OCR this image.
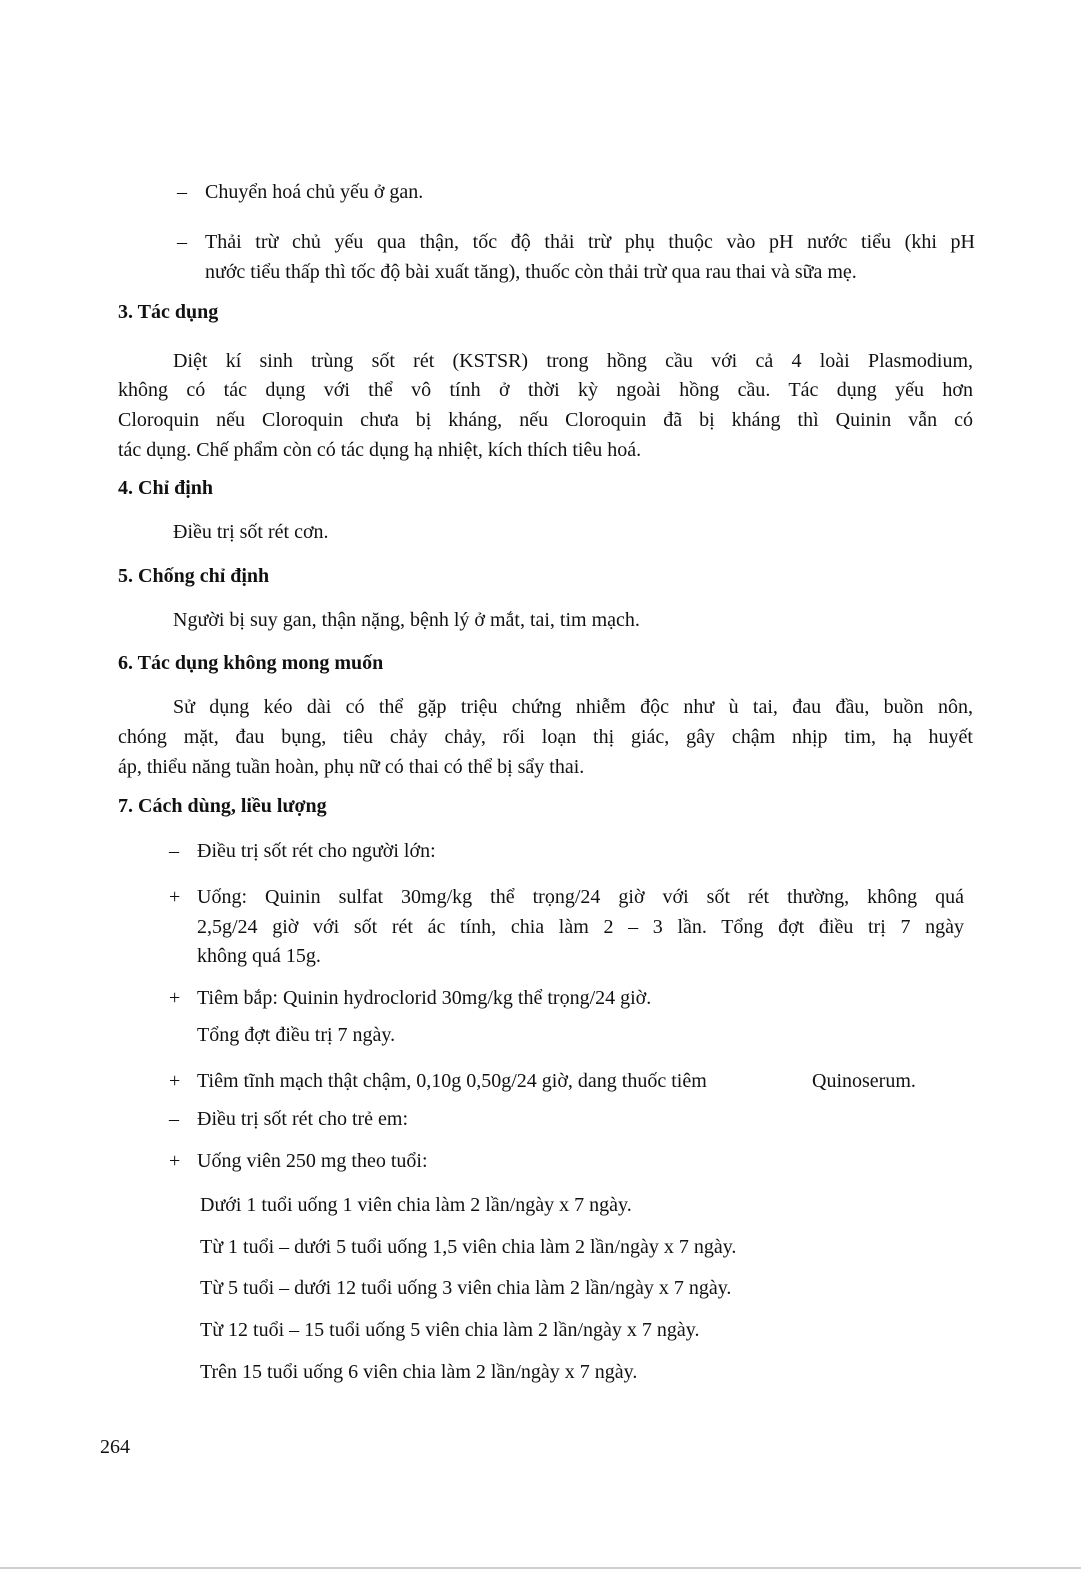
– Chuyển hoá chủ yếu ở gan.
– Thải trừ chủ yếu qua thận, tốc độ thải trừ phụ thuộc vào pH nước tiểu (khi pH
nước tiểu thấp thì tốc độ bài xuất tăng), thuốc còn thải trừ qua rau thai và sữa mẹ.
3. Tác dụng
Diệt kí sinh trùng sốt rét (KSTSR) trong hồng cầu với cả 4 loài Plasmodium,
không có tác dụng với thể vô tính ở thời kỳ ngoài hồng cầu. Tác dụng yếu hơn
Cloroquin nếu Cloroquin chưa bị kháng, nếu Cloroquin đã bị kháng thì Quinin vẫn có
tác dụng. Chế phẩm còn có tác dụng hạ nhiệt, kích thích tiêu hoá.
4. Chỉ định
Điều trị sốt rét cơn.
5. Chống chỉ định
Người bị suy gan, thận nặng, bệnh lý ở mắt, tai, tim mạch.
6. Tác dụng không mong muốn
Sử dụng kéo dài có thể gặp triệu chứng nhiễm độc như ù tai, đau đầu, buồn nôn,
chóng mặt, đau bụng, tiêu chảy chảy, rối loạn thị giác, gây chậm nhịp tim, hạ huyết
áp, thiểu năng tuần hoàn, phụ nữ có thai có thể bị sẩy thai.
7. Cách dùng, liều lượng
– Điều trị sốt rét cho người lớn:
+ Uống: Quinin sulfat 30mg/kg thể trọng/24 giờ với sốt rét thường, không quá
2,5g/24 giờ với sốt rét ác tính, chia làm 2 – 3 lần. Tổng đợt điều trị 7 ngày
không quá 15g.
+ Tiêm bắp: Quinin hydroclorid 30mg/kg thể trọng/24 giờ.
Tổng đợt điều trị 7 ngày.
+ Tiêm tĩnh mạch thật chậm, 0,10g 0,50g/24 giờ, dang thuốc tiêm	Quinoserum.
– Điều trị sốt rét cho trẻ em:
+ Uống viên 250 mg theo tuổi:
Dưới 1 tuổi uống 1 viên chia làm 2 lần/ngày x 7 ngày.
Từ 1 tuổi – dưới 5 tuổi uống 1,5 viên chia làm 2 lần/ngày x 7 ngày.
Từ 5 tuổi – dưới 12 tuổi uống 3 viên chia làm 2 lần/ngày x 7 ngày.
Từ 12 tuổi – 15 tuổi uống 5 viên chia làm 2 lần/ngày x 7 ngày.
Trên 15 tuổi uống 6 viên chia làm 2 lần/ngày x 7 ngày.
264
